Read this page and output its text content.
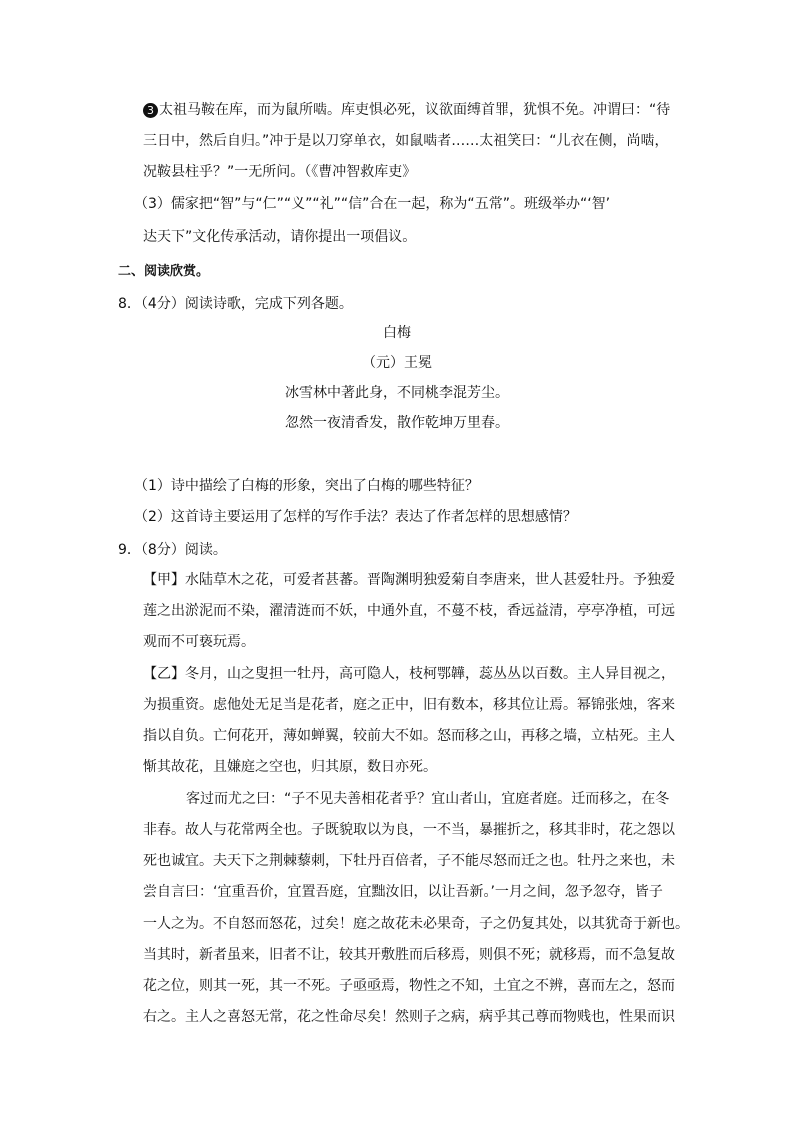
3 太祖马鞍在库，而为鼠所啮。库吏惧必死，议欲面缚首罪，犹惧不免。冲谓曰：“待
三日中，然后自归。”冲于是以刀穿单衣，如鼠啮者……太祖笑曰：“儿衣在侧，尚啮，
况鞍县柱乎？”一无所问。（《曹冲智救库吏》
（3）儒家把“智”与“仁”“义”“礼”“信”合在一起，称为“五常”。班级举办“‘智’
达天下”文化传承活动，请你提出一项倡议。
二、阅读欣赏。
8．（4分）阅读诗歌，完成下列各题。
白梅
（元）王冕
冰雪林中著此身，不同桃李混芳尘。
忽然一夜清香发，散作乾坤万里春。
（1）诗中描绘了白梅的形象，突出了白梅的哪些特征？
（2）这首诗主要运用了怎样的写作手法？表达了作者怎样的思想感情？
9．（8分）阅读。
【甲】水陆草木之花，可爱者甚蕃。晋陶渊明独爱菊自李唐来，世人甚爱牡丹。予独爱
莲之出淤泥而不染，濯清涟而不妖，中通外直，不蔓不枝，香远益清，亭亭净植，可远
观而不可亵玩焉。
【乙】冬月，山之叟担一牡丹，高可隐人，枝柯鄂韡，蕊丛丛以百数。主人异目视之，
为损重资。虑他处无足当是花者，庭之正中，旧有数本，移其位让焉。幂锦张烛，客来
指以自负。亡何花开，薄如蝉翼，较前大不如。怒而移之山，再移之墙，立枯死。主人
惭其故花，且嫌庭之空也，归其原，数日亦死。
客过而尤之曰：“子不见夫善相花者乎？宜山者山，宜庭者庭。迁而移之，在冬
非春。故人与花常两全也。子既貌取以为良，一不当，暴摧折之，移其非时，花之怨以
死也诚宜。夫天下之荆棘藜刺，下牡丹百倍者，子不能尽怒而迁之也。牡丹之来也，未
尝自言曰：‘宜重吾价，宜置吾庭，宜黜汝旧，以让吾新。’一月之间，忽予忽夺，皆子
一人之为。不自怒而怒花，过矣！庭之故花未必果奇，子之仍复其处，以其犹奇于新也。
当其时，新者虽来，旧者不让，较其开敷胜而后移焉，则俱不死；就移焉，而不急复故
花之位，则其一死，其一不死。子亟亟焉，物性之不知，土宜之不辨，喜而左之，怒而
右之。主人之喜怒无常，花之性命尽矣！然则子之病，病乎其己尊而物贱也，性果而识
